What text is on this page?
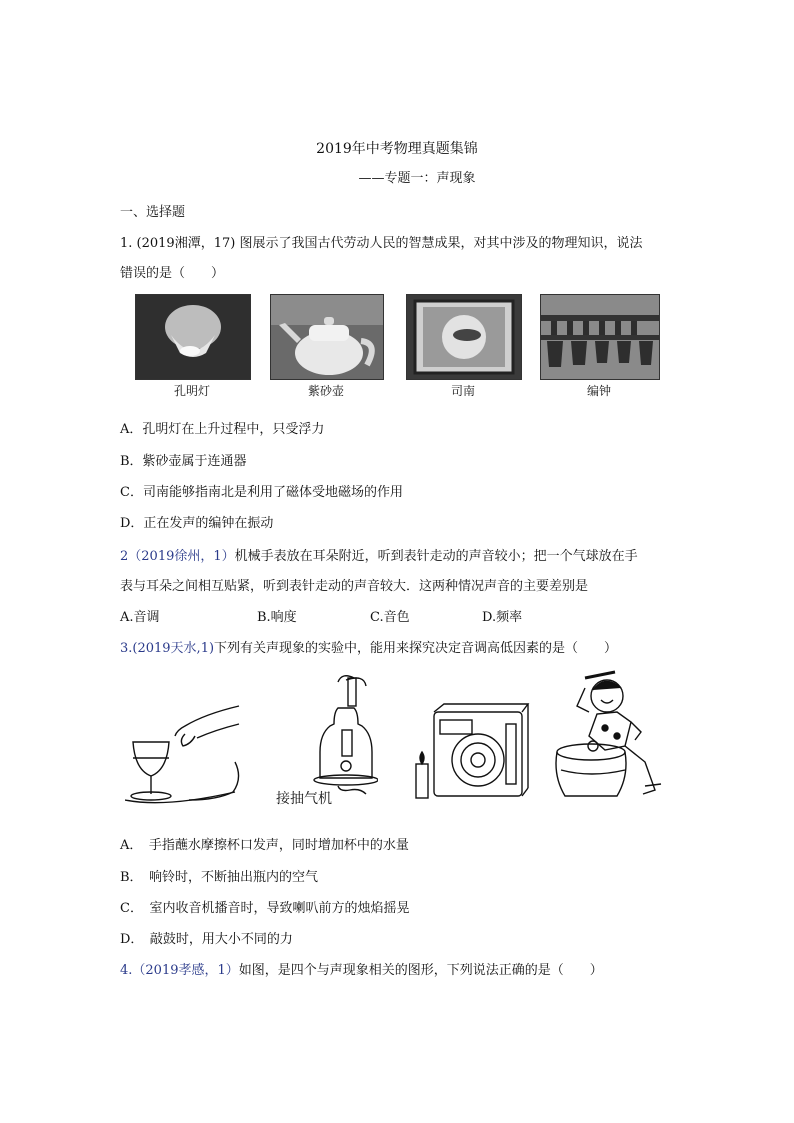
2019年中考物理真题集锦
——专题一：声现象
一、选择题
1. (2019湘潭，17) 图展示了我国古代劳动人民的智慧成果，对其中涉及的物理知识，说法
错误的是（　　）
孔明灯	紫砂壶	司南	编钟
A．孔明灯在上升过程中，只受浮力
B．紫砂壶属于连通器
C．司南能够指南北是利用了磁体受地磁场的作用
D．正在发声的编钟在振动
2（2019徐州，1）机械手表放在耳朵附近，听到表针走动的声音较小；把一个气球放在手
表与耳朵之间相互贴紧，听到表针走动的声音较大．这两种情况声音的主要差别是
A.音调	B.响度	C.音色	D.频率
3.(2019天水,1)下列有关声现象的实验中，能用来探究决定音调高低因素的是（　　）
接抽气机
A．　手指蘸水摩擦杯口发声，同时增加杯中的水量
B．　响铃时，不断抽出瓶内的空气
C．　室内收音机播音时，导致喇叭前方的烛焰摇晃
D．　敲鼓时，用大小不同的力
4.（2019孝感，1）如图，是四个与声现象相关的图形，下列说法正确的是（　　）
